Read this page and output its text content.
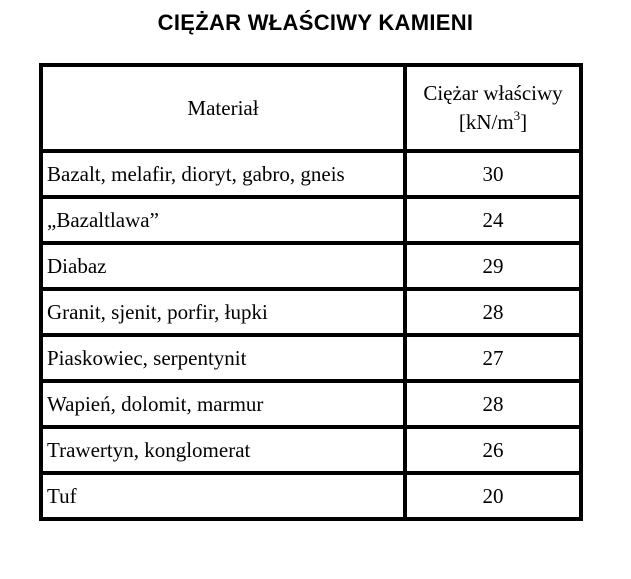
CIĘŻAR WŁAŚCIWY KAMIENI
Materiał	Ciężar właściwy
$[kN/m^3]$

Bazalt, melafir, dioryt, gabro, gneis	30
„Bazaltlawa”	24
Diabaz	29
Granit, sjenit, porfir, łupki	28
Piaskowiec, serpentynit	27
Wapień, dolomit, marmur	28
Trawertyn, konglomerat	26
Tuf	20
